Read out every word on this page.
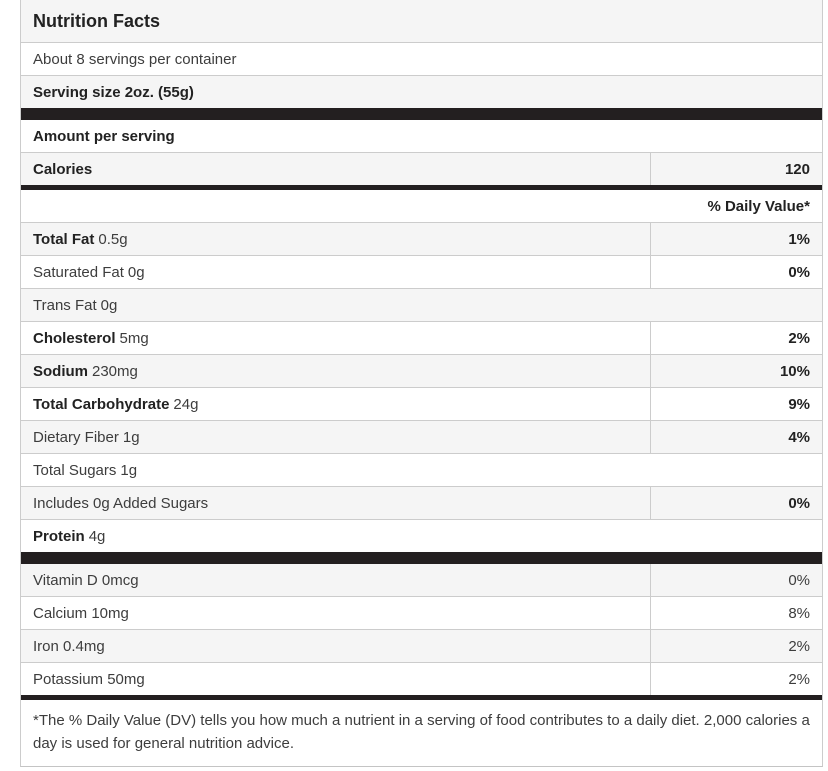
Nutrition Facts
About 8 servings per container
Serving size 2oz. (55g)
Amount per serving
Calories	120
% Daily Value*
Total Fat 0.5g	1%
Saturated Fat 0g	0%
Trans Fat 0g
Cholesterol 5mg	2%
Sodium 230mg	10%
Total Carbohydrate 24g	9%
Dietary Fiber 1g	4%
Total Sugars 1g
Includes 0g Added Sugars	0%
Protein 4g
Vitamin D 0mcg	0%
Calcium 10mg	8%
Iron 0.4mg	2%
Potassium 50mg	2%
*The % Daily Value (DV) tells you how much a nutrient in a serving of food contributes to a daily diet. 2,000 calories a day is used for general nutrition advice.
